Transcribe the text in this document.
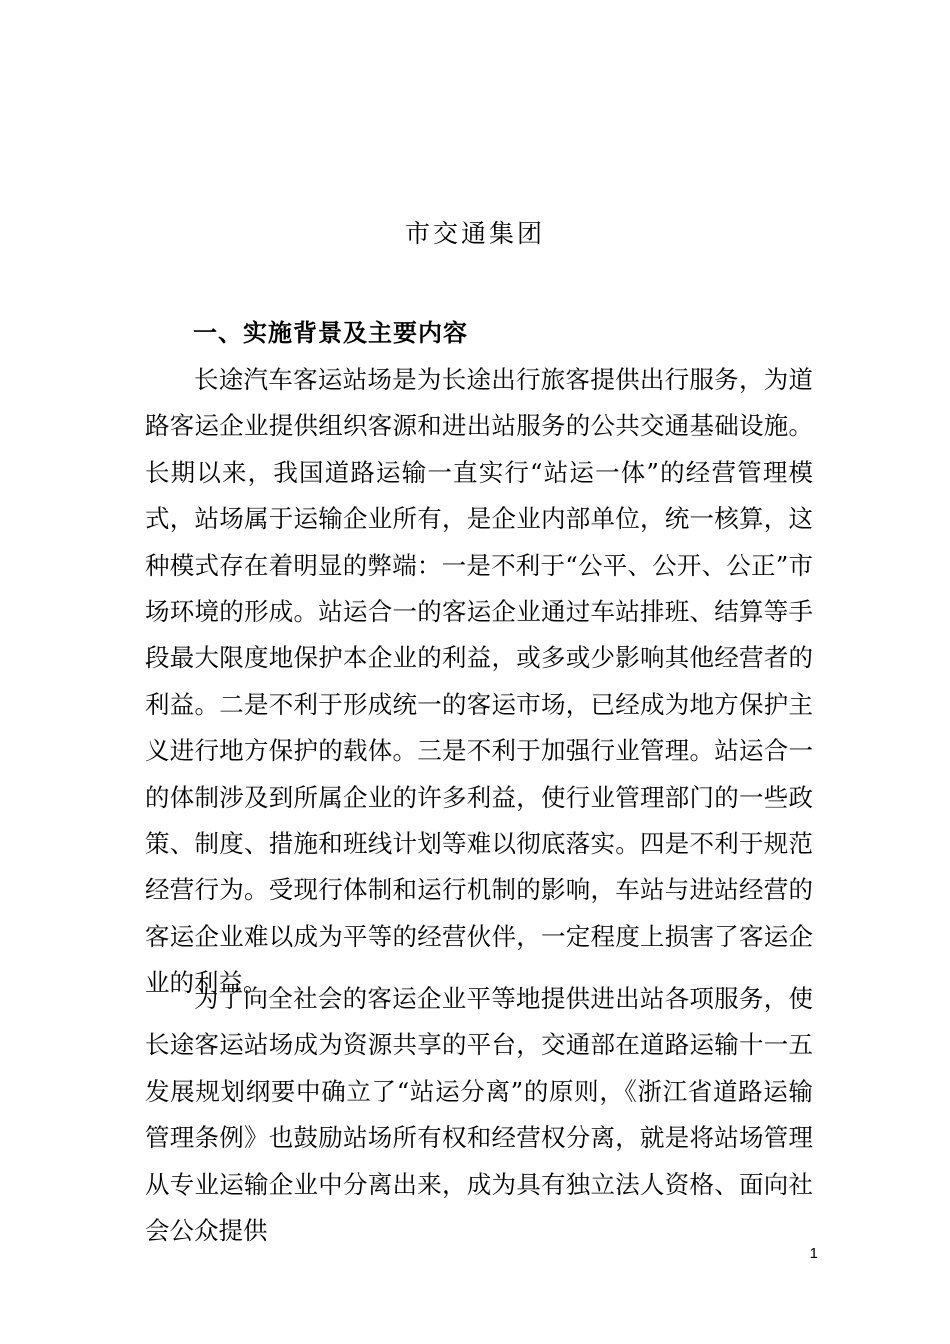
市交通集团
一、实施背景及主要内容

长途汽车客运站场是为长途出行旅客提供出行服务，为道路客运企业提供组织客源和进出站服务的公共交通基础设施。长期以来，我国道路运输一直实行“站运一体”的经营管理模式，站场属于运输企业所有，是企业内部单位，统一核算，这种模式存在着明显的弊端：一是不利于“公平、公开、公正”市场环境的形成。站运合一的客运企业通过车站排班、结算等手段最大限度地保护本企业的利益，或多或少影响其他经营者的利益。二是不利于形成统一的客运市场，已经成为地方保护主义进行地方保护的载体。三是不利于加强行业管理。站运合一的体制涉及到所属企业的许多利益，使行业管理部门的一些政策、制度、措施和班线计划等难以彻底落实。四是不利于规范经营行为。受现行体制和运行机制的影响，车站与进站经营的客运企业难以成为平等的经营伙伴，一定程度上损害了客运企业的利益。

为了向全社会的客运企业平等地提供进出站各项服务，使长途客运站场成为资源共享的平台，交通部在道路运输十一五发展规划纲要中确立了“站运分离”的原则，《浙江省道路运输管理条例》也鼓励站场所有权和经营权分离，就是将站场管理从专业运输企业中分离出来，成为具有独立法人资格、面向社会公众提供

1
